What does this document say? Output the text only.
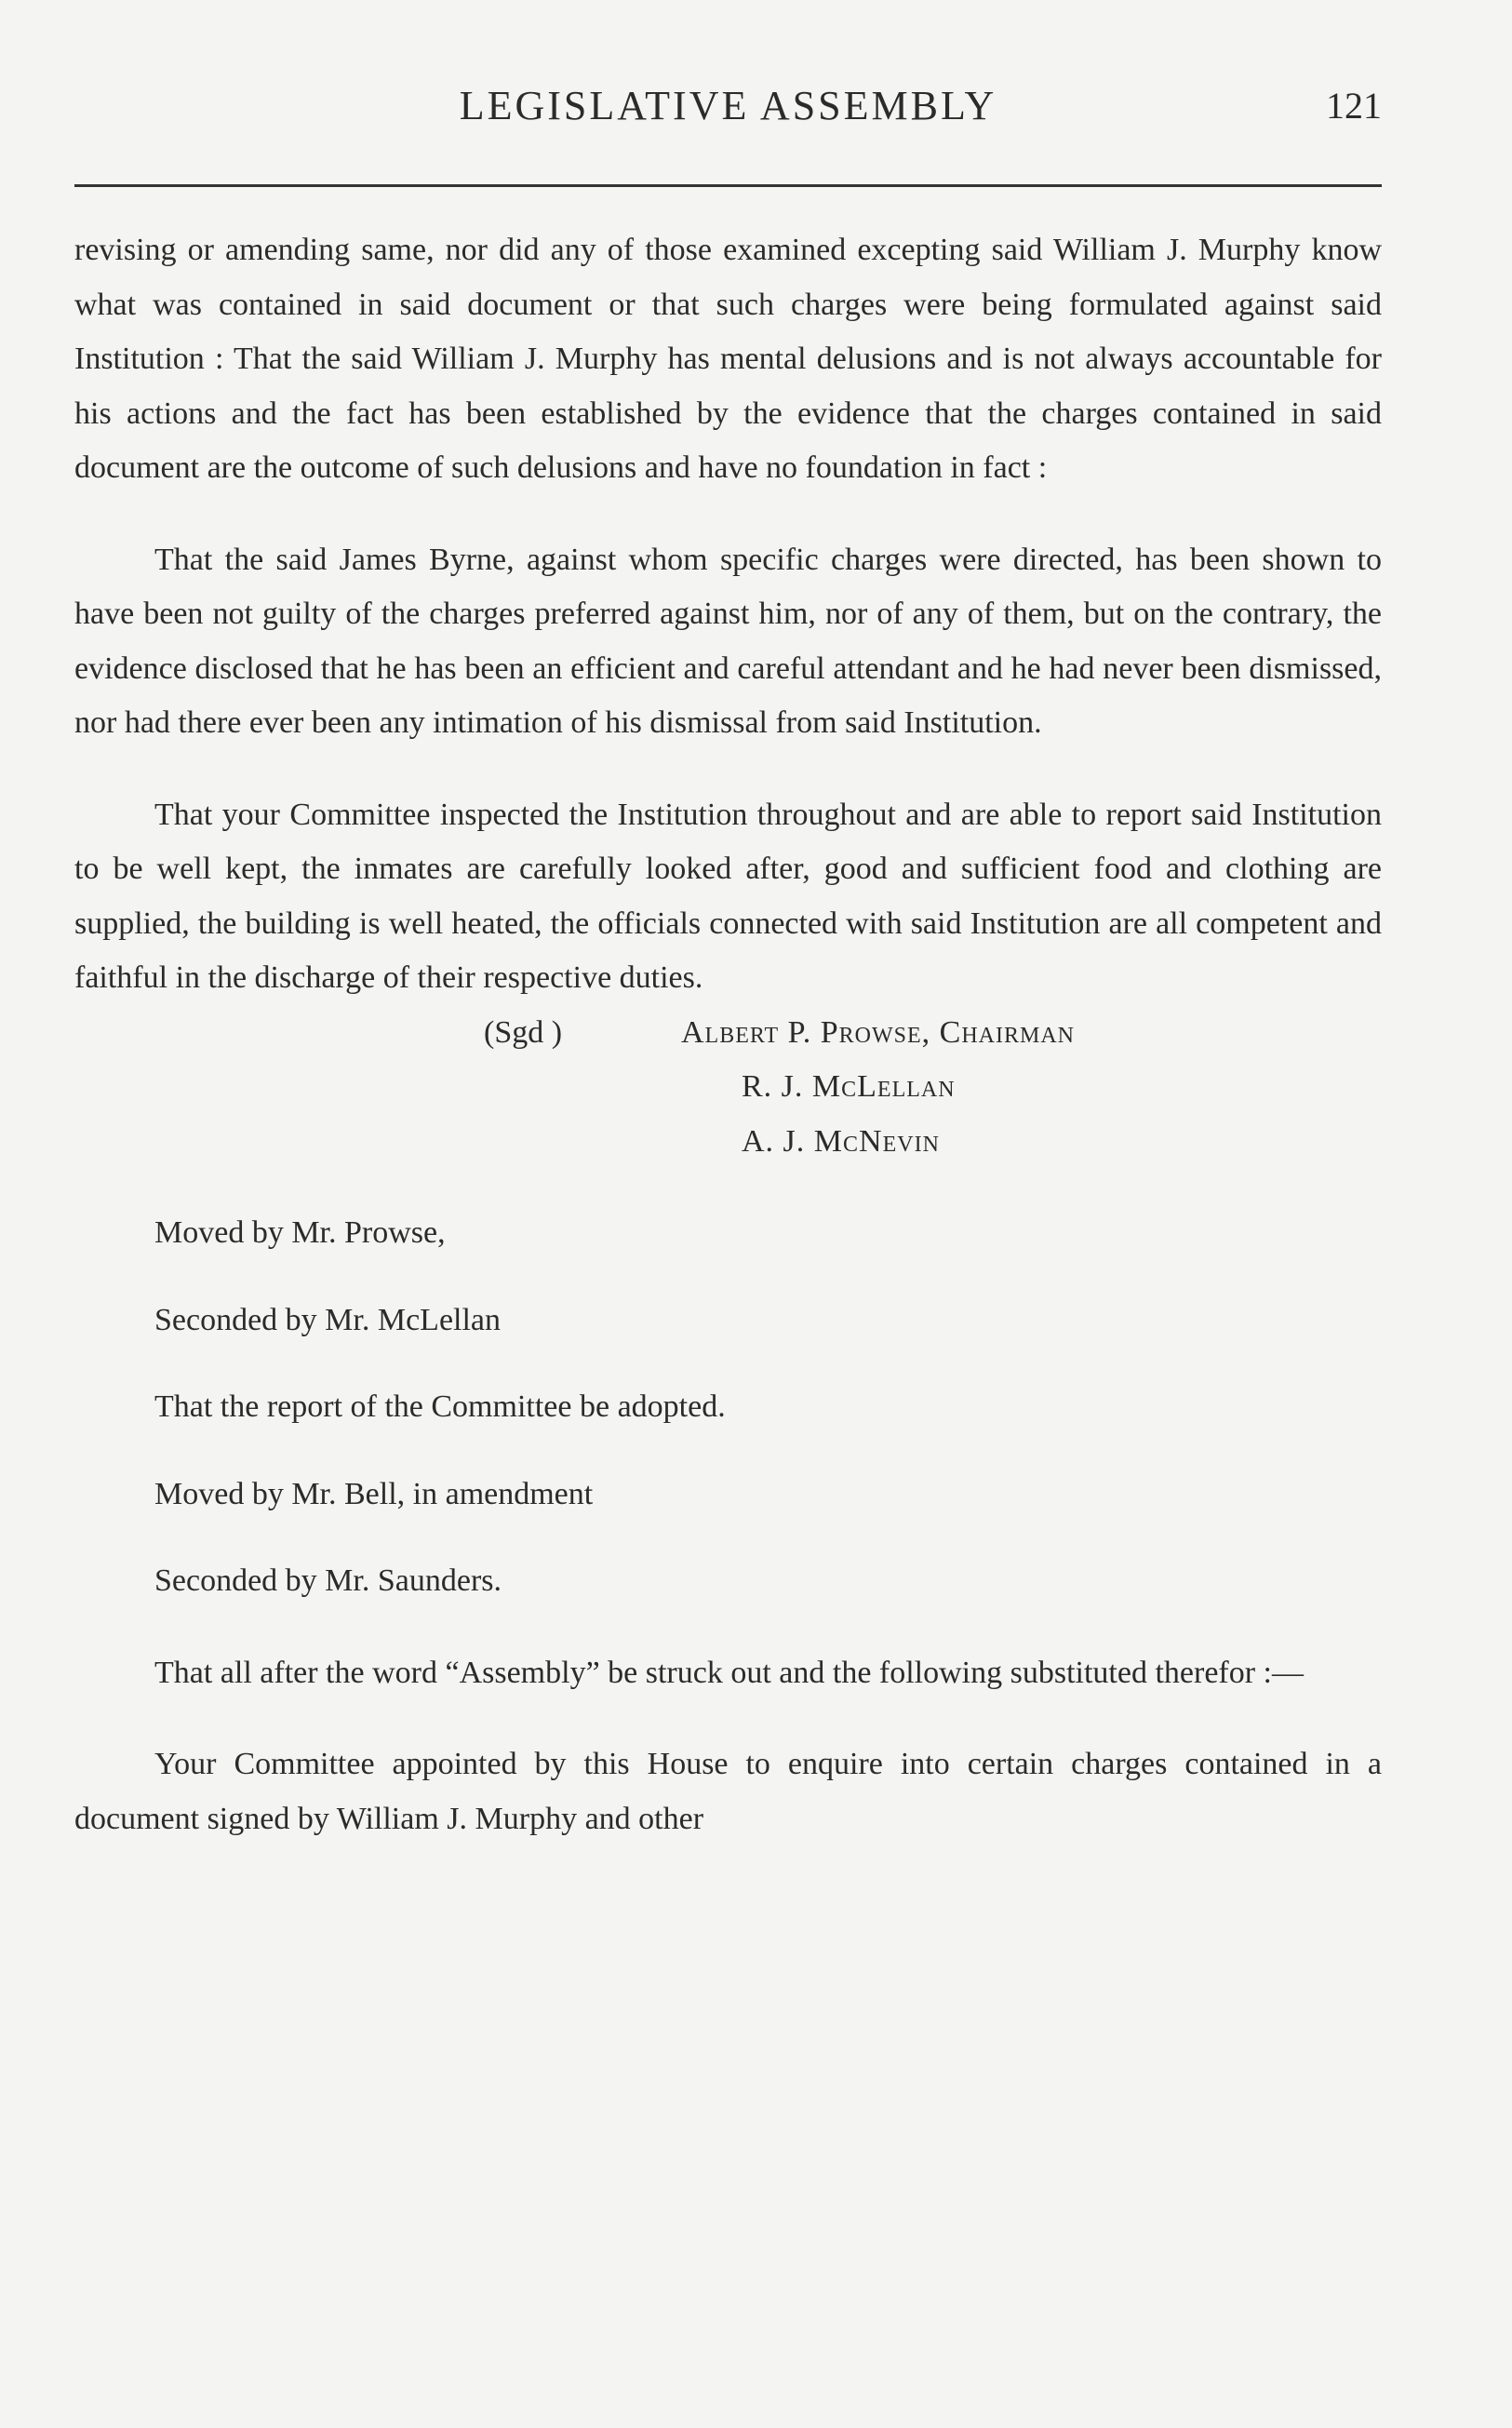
LEGISLATIVE ASSEMBLY	121

revising or amending same, nor did any of those examined excepting said William J. Murphy know what was contained in said document or that such charges were being formulated against said Institution : That the said William J. Murphy has mental delusions and is not always accountable for his actions and the fact has been established by the evidence that the charges contained in said document are the outcome of such delusions and have no foundation in fact :

That the said James Byrne, against whom specific charges were directed, has been shown to have been not guilty of the charges preferred against him, nor of any of them, but on the contrary, the evidence disclosed that he has been an efficient and careful attendant and he had never been dismissed, nor had there ever been any intimation of his dismissal from said Institution.

That your Committee inspected the Institution throughout and are able to report said Institution to be well kept, the inmates are carefully looked after, good and sufficient food and clothing are supplied, the building is well heated, the officials connected with said Institution are all competent and faithful in the discharge of their respective duties.

(Sgd )	Albert P. Prowse, Chairman
R. J. McLellan
A. J. McNevin

Moved by Mr. Prowse,

Seconded by Mr. McLellan

That the report of the Committee be adopted.

Moved by Mr. Bell, in amendment

Seconded by Mr. Saunders.

That all after the word “Assembly” be struck out and the following substituted therefor :—

Your Committee appointed by this House to enquire into certain charges contained in a document signed by William J. Murphy and other
